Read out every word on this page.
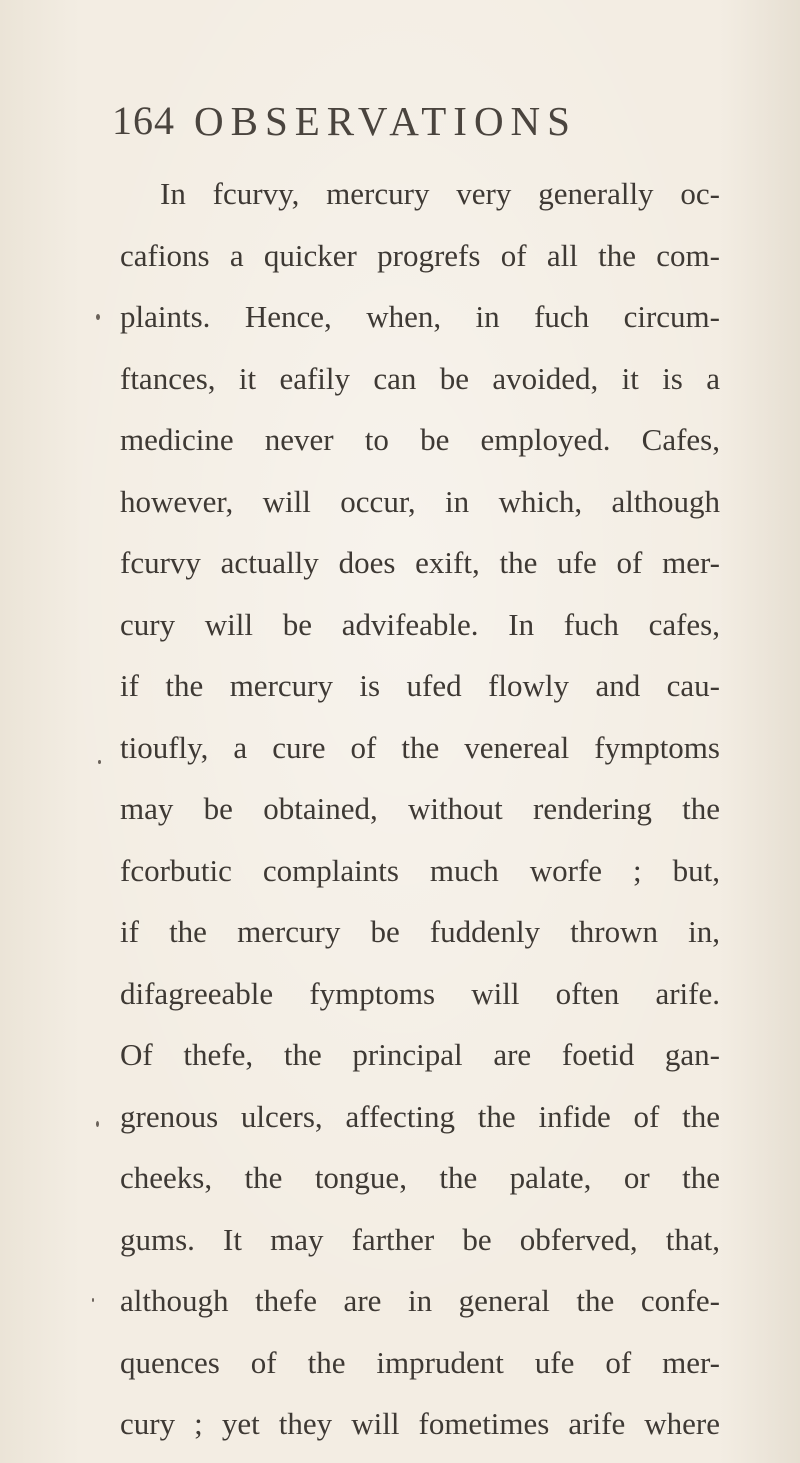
164 OBSERVATIONS
In fcurvy, mercury very generally oc-
cafions a quicker progrefs of all the com-
plaints. Hence, when, in fuch circum-
ftances, it eafily can be avoided, it is a
medicine never to be employed. Cafes,
however, will occur, in which, although
fcurvy actually does exift, the ufe of mer-
cury will be advifeable. In fuch cafes,
if the mercury is ufed flowly and cau-
tioufly, a cure of the venereal fymptoms
may be obtained, without rendering the
fcorbutic complaints much worfe ; but,
if the mercury be fuddenly thrown in,
difagreeable fymptoms will often arife.
Of thefe, the principal are foetid gan-
grenous ulcers, affecting the infide of the
cheeks, the tongue, the palate, or the
gums. It may farther be obferved, that,
although thefe are in general the confe-
quences of the imprudent ufe of mer-
cury ; yet they will fometimes arife where
